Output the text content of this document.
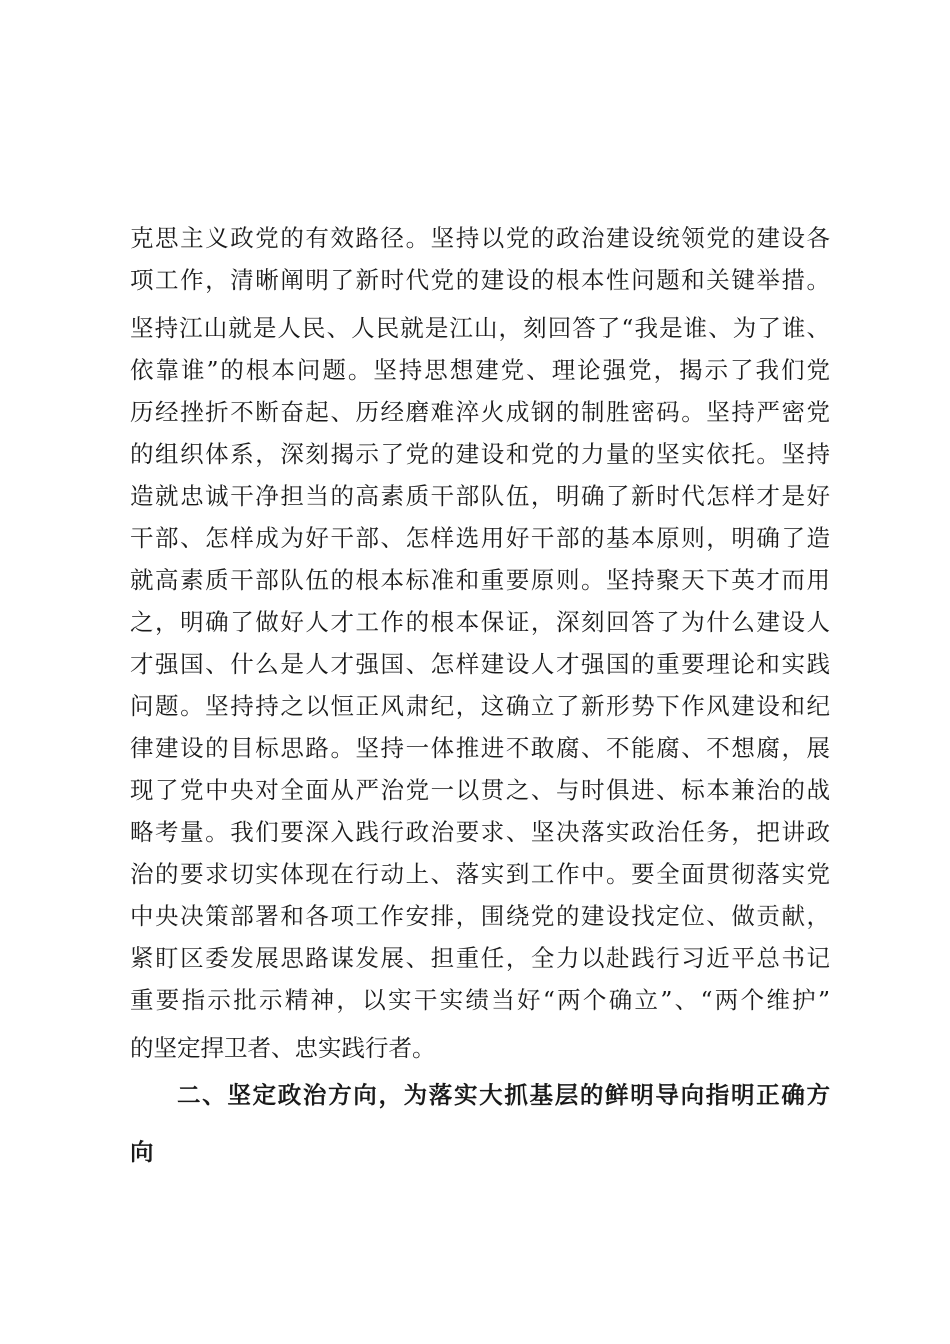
克思主义政党的有效路径。坚持以党的政治建设统领党的建设各
项工作，清晰阐明了新时代党的建设的根本性问题和关键举措。
坚持江山就是人民、人民就是江山，刻回答了“我是谁、为了谁、
依靠谁”的根本问题。坚持思想建党、理论强党，揭示了我们党
历经挫折不断奋起、历经磨难淬火成钢的制胜密码。坚持严密党
的组织体系，深刻揭示了党的建设和党的力量的坚实依托。坚持
造就忠诚干净担当的高素质干部队伍，明确了新时代怎样才是好
干部、怎样成为好干部、怎样选用好干部的基本原则，明确了造
就高素质干部队伍的根本标准和重要原则。坚持聚天下英才而用
之，明确了做好人才工作的根本保证，深刻回答了为什么建设人
才强国、什么是人才强国、怎样建设人才强国的重要理论和实践
问题。坚持持之以恒正风肃纪，这确立了新形势下作风建设和纪
律建设的目标思路。坚持一体推进不敢腐、不能腐、不想腐，展
现了党中央对全面从严治党一以贯之、与时俱进、标本兼治的战
略考量。我们要深入践行政治要求、坚决落实政治任务，把讲政
治的要求切实体现在行动上、落实到工作中。要全面贯彻落实党
中央决策部署和各项工作安排，围绕党的建设找定位、做贡献，
紧盯区委发展思路谋发展、担重任，全力以赴践行习近平总书记
重要指示批示精神，以实干实绩当好“两个确立”、“两个维护”
的坚定捍卫者、忠实践行者。
二、坚定政治方向，为落实大抓基层的鲜明导向指明正确方
向
